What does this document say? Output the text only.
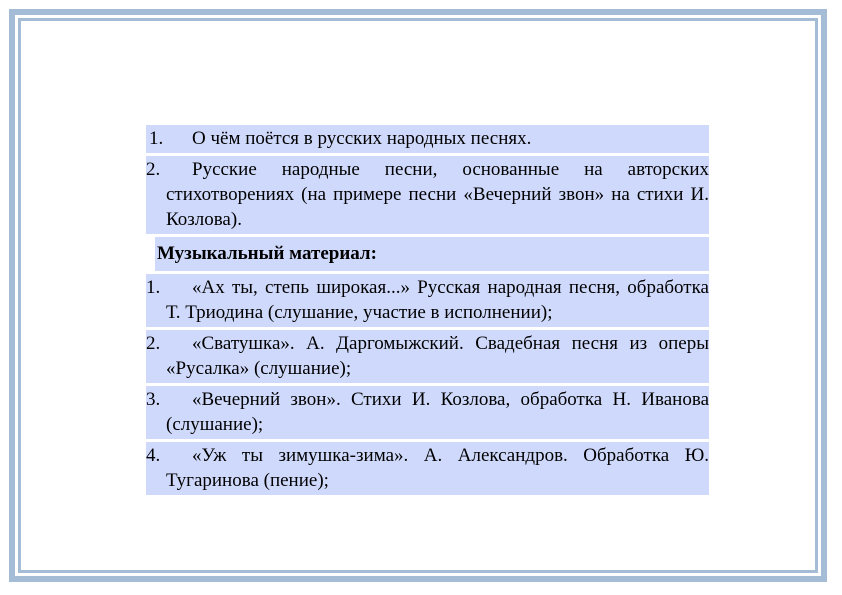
1.	О чём поётся в русских народных песнях.
2.	Русские народные песни, основанные на авторских стихотворениях (на примере песни «Вечерний звон» на стихи И. Козлова).
Музыкальный материал:
1.	«Ах ты, степь широкая...» Русская народная песня, обработка Т. Триодина (слушание, участие в исполнении);
2.	«Сватушка». А. Даргомыжский. Свадебная песня из оперы «Русалка» (слушание);
3.	«Вечерний звон». Стихи И. Козлова, обработка Н. Иванова (слушание);
4.	«Уж ты зимушка-зима». А. Александров. Обработка Ю. Тугаринова (пение);
